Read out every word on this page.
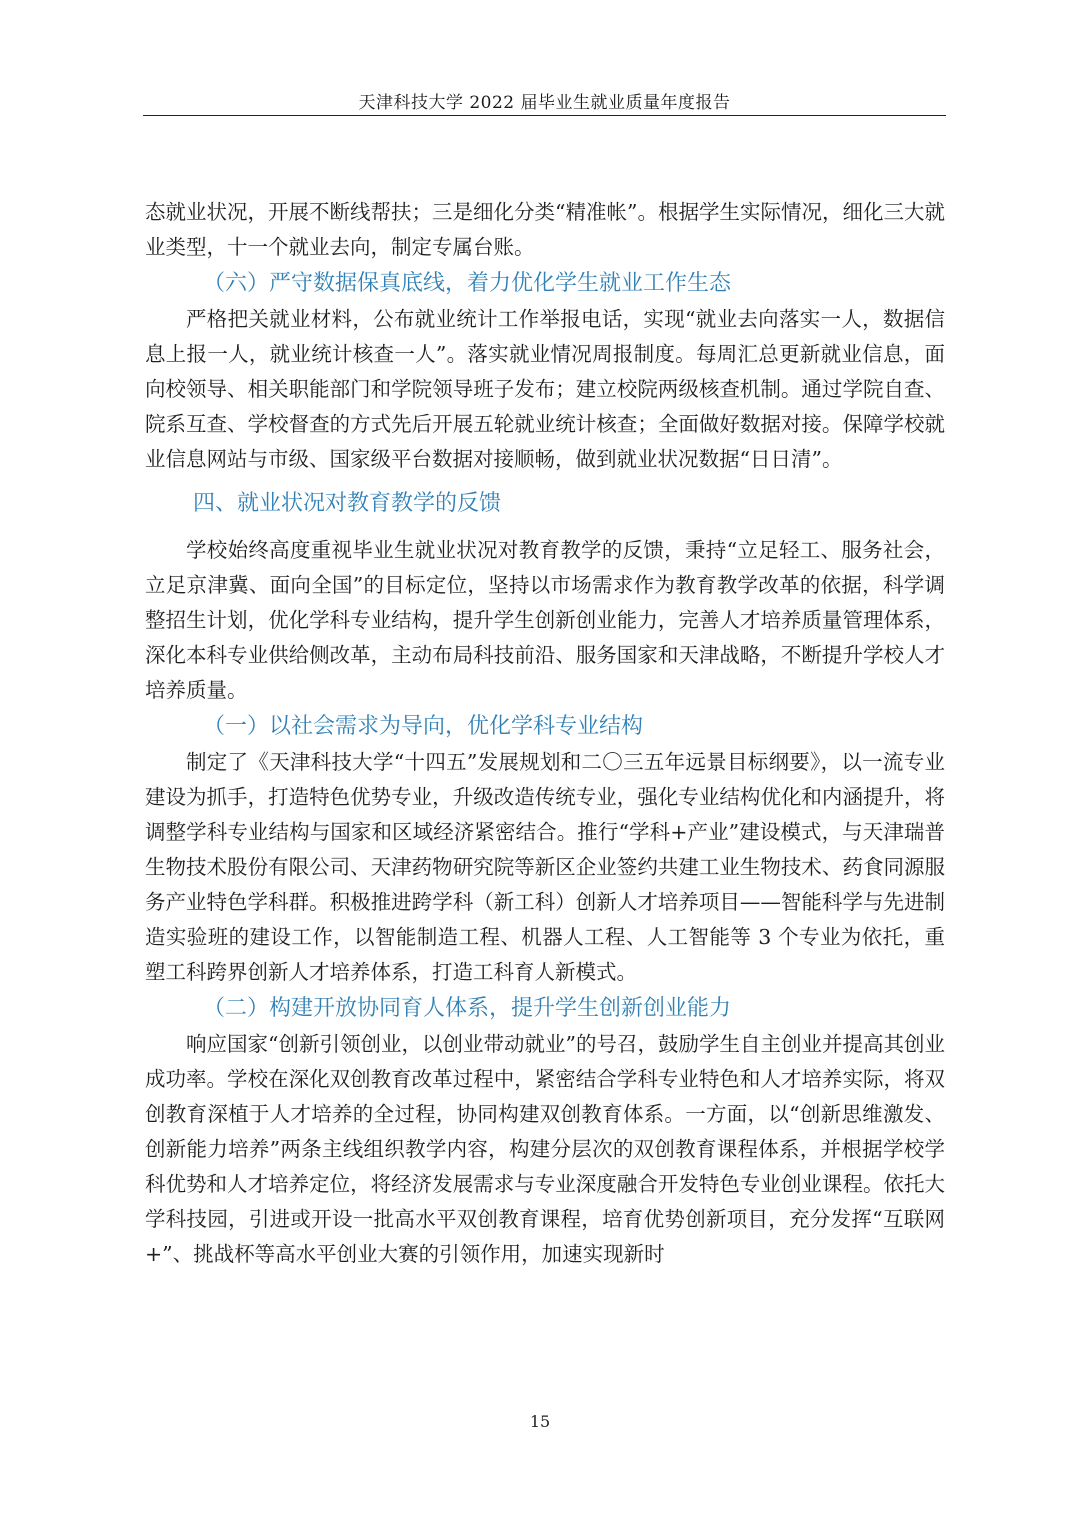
天津科技大学 2022 届毕业生就业质量年度报告

态就业状况，开展不断线帮扶；三是细化分类“精准帐”。根据学生实际情况，细化三大就业类型，十一个就业去向，制定专属台账。

（六）严守数据保真底线，着力优化学生就业工作生态

严格把关就业材料，公布就业统计工作举报电话，实现“就业去向落实一人，数据信息上报一人，就业统计核查一人”。落实就业情况周报制度。每周汇总更新就业信息，面向校领导、相关职能部门和学院领导班子发布；建立校院两级核查机制。通过学院自查、院系互查、学校督查的方式先后开展五轮就业统计核查；全面做好数据对接。保障学校就业信息网站与市级、国家级平台数据对接顺畅，做到就业状况数据“日日清”。

四、就业状况对教育教学的反馈

学校始终高度重视毕业生就业状况对教育教学的反馈，秉持“立足轻工、服务社会，立足京津冀、面向全国”的目标定位，坚持以市场需求作为教育教学改革的依据，科学调整招生计划，优化学科专业结构，提升学生创新创业能力，完善人才培养质量管理体系，深化本科专业供给侧改革，主动布局科技前沿、服务国家和天津战略，不断提升学校人才培养质量。

（一）以社会需求为导向，优化学科专业结构

制定了《天津科技大学“十四五”发展规划和二〇三五年远景目标纲要》，以一流专业建设为抓手，打造特色优势专业，升级改造传统专业，强化专业结构优化和内涵提升，将调整学科专业结构与国家和区域经济紧密结合。推行“学科+产业”建设模式，与天津瑞普生物技术股份有限公司、天津药物研究院等新区企业签约共建工业生物技术、药食同源服务产业特色学科群。积极推进跨学科（新工科）创新人才培养项目——智能科学与先进制造实验班的建设工作，以智能制造工程、机器人工程、人工智能等 3 个专业为依托，重塑工科跨界创新人才培养体系，打造工科育人新模式。

（二）构建开放协同育人体系，提升学生创新创业能力

响应国家“创新引领创业，以创业带动就业”的号召，鼓励学生自主创业并提高其创业成功率。学校在深化双创教育改革过程中，紧密结合学科专业特色和人才培养实际，将双创教育深植于人才培养的全过程，协同构建双创教育体系。一方面，以“创新思维激发、创新能力培养”两条主线组织教学内容，构建分层次的双创教育课程体系，并根据学校学科优势和人才培养定位，将经济发展需求与专业深度融合开发特色专业创业课程。依托大学科技园，引进或开设一批高水平双创教育课程，培育优势创新项目，充分发挥“互联网+”、挑战杯等高水平创业大赛的引领作用，加速实现新时

15
